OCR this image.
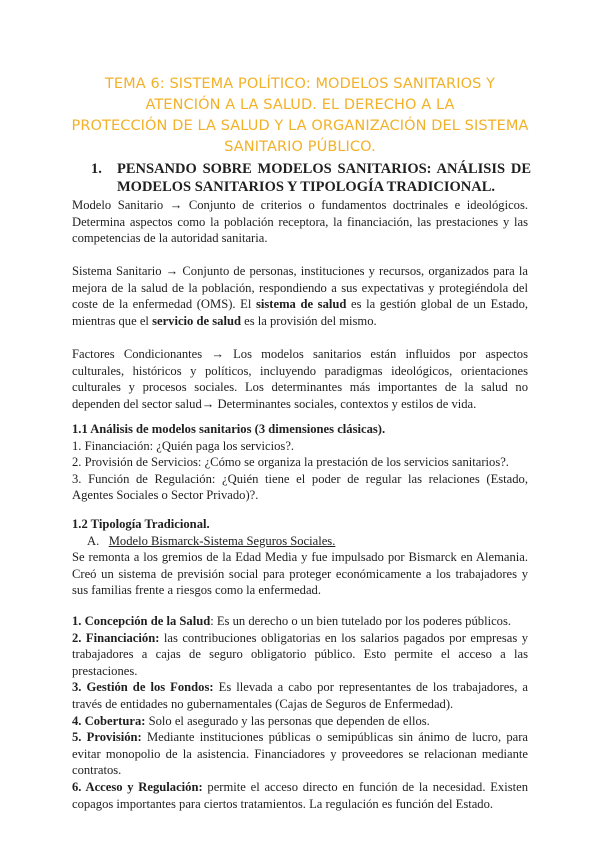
TEMA 6: SISTEMA POLÍTICO: MODELOS SANITARIOS Y ATENCIÓN A LA SALUD. EL DERECHO A LA
PROTECCIÓN DE LA SALUD Y LA ORGANIZACIÓN DEL SISTEMA SANITARIO PÚBLICO.
1. PENSANDO SOBRE MODELOS SANITARIOS: ANÁLISIS DE MODELOS SANITARIOS Y TIPOLOGÍA TRADICIONAL.
Modelo Sanitario → Conjunto de criterios o fundamentos doctrinales e ideológicos. Determina aspectos como la población receptora, la financiación, las prestaciones y las competencias de la autoridad sanitaria.
Sistema Sanitario → Conjunto de personas, instituciones y recursos, organizados para la mejora de la salud de la población, respondiendo a sus expectativas y protegiéndola del coste de la enfermedad (OMS). El sistema de salud es la gestión global de un Estado, mientras que el servicio de salud es la provisión del mismo.
Factores Condicionantes → Los modelos sanitarios están influidos por aspectos culturales, históricos y políticos, incluyendo paradigmas ideológicos, orientaciones culturales y procesos sociales. Los determinantes más importantes de la salud no dependen del sector salud→ Determinantes sociales, contextos y estilos de vida.
1.1 Análisis de modelos sanitarios (3 dimensiones clásicas).
1. Financiación: ¿Quién paga los servicios?.
2. Provisión de Servicios: ¿Cómo se organiza la prestación de los servicios sanitarios?.
3. Función de Regulación: ¿Quién tiene el poder de regular las relaciones (Estado, Agentes Sociales o Sector Privado)?.
1.2 Tipología Tradicional.
A. Modelo Bismarck-Sistema Seguros Sociales.
Se remonta a los gremios de la Edad Media y fue impulsado por Bismarck en Alemania. Creó un sistema de previsión social para proteger económicamente a los trabajadores y sus familias frente a riesgos como la enfermedad.
1. Concepción de la Salud: Es un derecho o un bien tutelado por los poderes públicos.
2. Financiación: las contribuciones obligatorias en los salarios pagados por empresas y trabajadores a cajas de seguro obligatorio público. Esto permite el acceso a las prestaciones.
3. Gestión de los Fondos: Es llevada a cabo por representantes de los trabajadores, a través de entidades no gubernamentales (Cajas de Seguros de Enfermedad).
4. Cobertura: Solo el asegurado y las personas que dependen de ellos.
5. Provisión: Mediante instituciones públicas o semipúblicas sin ánimo de lucro, para evitar monopolio de la asistencia. Financiadores y proveedores se relacionan mediante contratos.
6. Acceso y Regulación: permite el acceso directo en función de la necesidad. Existen copagos importantes para ciertos tratamientos. La regulación es función del Estado.
